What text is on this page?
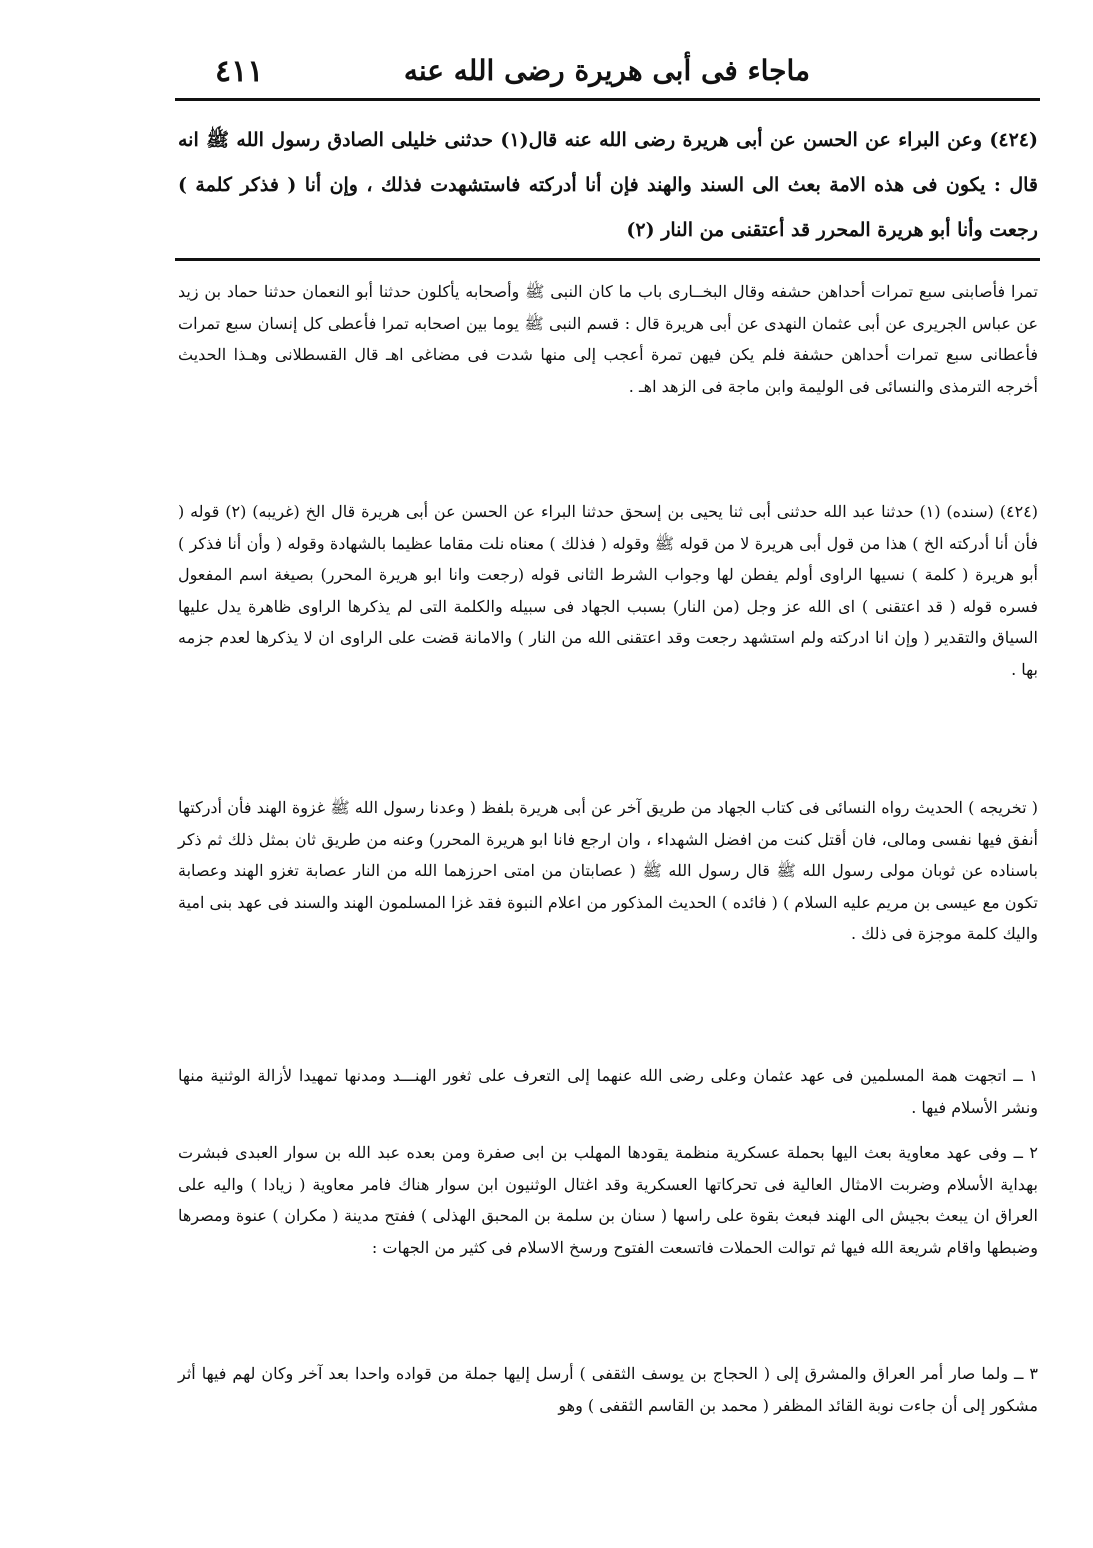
٤١١	ماجاء فى أبى هريرة رضى الله عنه

(٤٢٤) وعن البراء عن الحسن عن أبى هريرة رضى الله عنه قال(١) حدثنى خليلى الصادق رسول الله ﷺ انه قال : يكون فى هذه الامة بعث الى السند والهند فإن أنا أدركته فاستشهدت فذلك ، وإن أنا ( فذكر كلمة ) رجعت وأنا أبو هريرة المحرر قد أعتقنى من النار (٢)

تمرا فأصابنى سبع تمرات أحداهن حشفه وقال البخــارى باب ما كان النبى ﷺ وأصحابه يأكلون حدثنا أبو النعمان حدثنا حماد بن زيد عن عباس الجريرى عن أبى عثمان النهدى عن أبى هريرة قال : قسم النبى ﷺ يوما بين اصحابه تمرا فأعطى كل إنسان سبع تمرات فأعطانى سبع تمرات أحداهن حشفة فلم يكن فيهن تمرة أعجب إلى منها شدت فى مضاغى اهـ قال القسطلانى وهـذا الحديث أخرجه الترمذى والنسائى فى الوليمة وابن ماجة فى الزهد اهـ .

(٤٢٤) (سنده) (١) حدثنا عبد الله حدثنى أبى ثنا يحيى بن إسحق حدثنا البراء عن الحسن عن أبى هريرة قال الخ (غريبه) (٢) قوله ( فأن أنا أدركته الخ ) هذا من قول أبى هريرة لا من قوله ﷺ وقوله ( فذلك ) معناه نلت مقاما عظيما بالشهادة وقوله ( وأن أنا فذكر ) أبو هريرة ( كلمة ) نسيها الراوى أولم يفطن لها وجواب الشرط الثانى قوله (رجعت وانا ابو هريرة المحرر) بصيغة اسم المفعول فسره قوله ( قد اعتقنى ) اى الله عز وجل (من النار) بسبب الجهاد فى سبيله والكلمة التى لم يذكرها الراوى ظاهرة يدل عليها السياق والتقدير ( وإن انا ادركته ولم استشهد رجعت وقد اعتقنى الله من النار ) والامانة قضت على الراوى ان لا يذكرها لعدم جزمه بها .

( تخريجه ) الحديث رواه النسائى فى كتاب الجهاد من طريق آخر عن أبى هريرة بلفظ ( وعدنا رسول الله ﷺ غزوة الهند فأن أدركتها أنفق فيها نفسى ومالى، فان أقتل كنت من افضل الشهداء ، وان ارجع فانا ابو هريرة المحرر) وعنه من طريق ثان بمثل ذلك ثم ذكر باسناده عن ثوبان مولى رسول الله ﷺ قال رسول الله ﷺ ( عصابتان من امتى احرزهما الله من النار عصابة تغزو الهند وعصابة تكون مع عيسى بن مريم عليه السلام ) ( فائده ) الحديث المذكور من اعلام النبوة فقد غزا المسلمون الهند والسند فى عهد بنى امية واليك كلمة موجزة فى ذلك .

١ ــ اتجهت همة المسلمين فى عهد عثمان وعلى رضى الله عنهما إلى التعرف على ثغور الهنـــد ومدنها تمهيدا لأزالة الوثنية منها ونشر الأسلام فيها .

٢ ــ وفى عهد معاوية بعث اليها بحملة عسكرية منظمة يقودها المهلب بن ابى صفرة ومن بعده عبد الله بن سوار العبدى فبشرت بهداية الأسلام وضربت الامثال العالية فى تحركاتها العسكرية وقد اغتال الوثنيون ابن سوار هناك فامر معاوية ( زيادا ) واليه على العراق ان يبعث بجيش الى الهند فبعث بقوة على راسها ( سنان بن سلمة بن المحبق الهذلى ) ففتح مدينة ( مكران ) عنوة ومصرها وضبطها واقام شريعة الله فيها ثم توالت الحملات فاتسعت الفتوح ورسخ الاسلام فى كثير من الجهات :

٣ ــ ولما صار أمر العراق والمشرق إلى ( الحجاج بن يوسف الثقفى ) أرسل إليها جملة من قواده واحدا بعد آخر وكان لهم فيها أثر مشكور إلى أن جاءت نوبة القائد المظفر ( محمد بن القاسم الثقفى ) وهو
